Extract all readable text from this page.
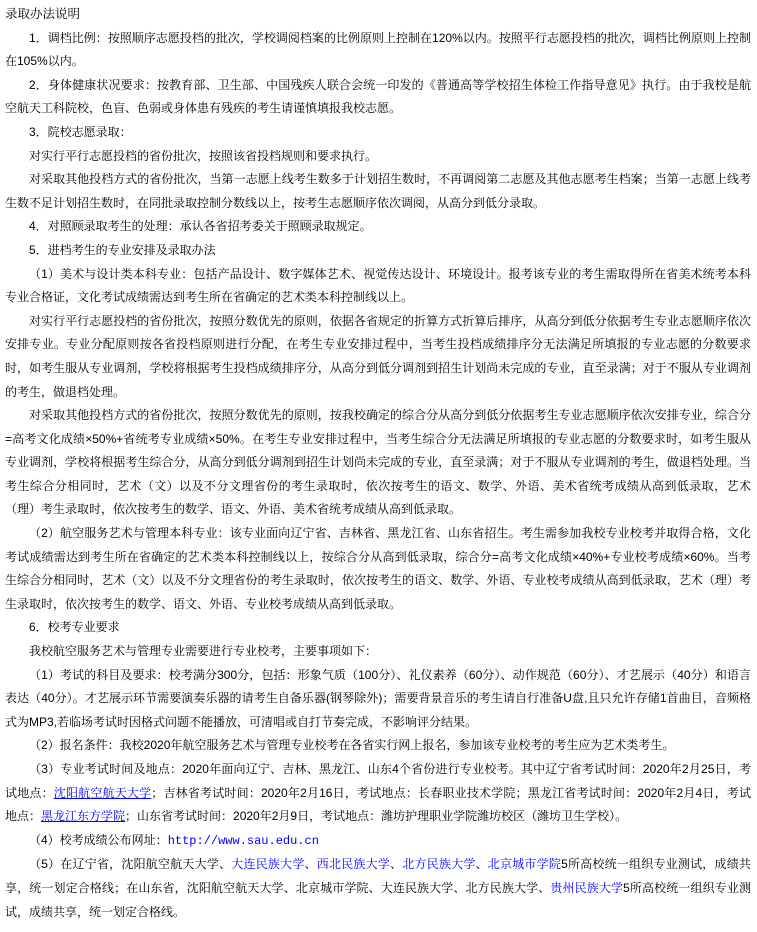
录取办法说明

1．调档比例：按照顺序志愿投档的批次，学校调阅档案的比例原则上控制在120%以内。按照平行志愿投档的批次，调档比例原则上控制在105%以内。

2．身体健康状况要求：按教育部、卫生部、中国残疾人联合会统一印发的《普通高等学校招生体检工作指导意见》执行。由于我校是航空航天工科院校，色盲、色弱或身体患有残疾的考生请谨慎填报我校志愿。

3．院校志愿录取：

对实行平行志愿投档的省份批次，按照该省投档规则和要求执行。

对采取其他投档方式的省份批次，当第一志愿上线考生数多于计划招生数时，不再调阅第二志愿及其他志愿考生档案；当第一志愿上线考生数不足计划招生数时，在同批录取控制分数线以上，按考生志愿顺序依次调阅，从高分到低分录取。

4．对照顾录取考生的处理：承认各省招考委关于照顾录取规定。

5．进档考生的专业安排及录取办法

（1）美术与设计类本科专业：包括产品设计、数字媒体艺术、视觉传达设计、环境设计。报考该专业的考生需取得所在省美术统考本科专业合格证，文化考试成绩需达到考生所在省确定的艺术类本科控制线以上。

对实行平行志愿投档的省份批次，按照分数优先的原则，依据各省规定的折算方式折算后排序，从高分到低分依据考生专业志愿顺序依次安排专业。专业分配原则按各省投档原则进行分配，在考生专业安排过程中，当考生投档成绩排序分无法满足所填报的专业志愿的分数要求时，如考生服从专业调剂，学校将根据考生投档成绩排序分，从高分到低分调剂到招生计划尚未完成的专业，直至录满；对于不服从专业调剂的考生，做退档处理。

对采取其他投档方式的省份批次，按照分数优先的原则，按我校确定的综合分从高分到低分依据考生专业志愿顺序依次安排专业，综合分=高考文化成绩×50%+省统考专业成绩×50%。在考生专业安排过程中，当考生综合分无法满足所填报的专业志愿的分数要求时，如考生服从专业调剂，学校将根据考生综合分，从高分到低分调剂到招生计划尚未完成的专业，直至录满；对于不服从专业调剂的考生，做退档处理。当考生综合分相同时，艺术（文）以及不分文理省份的考生录取时，依次按考生的语文、数学、外语、美术省统考成绩从高到低录取，艺术（理）考生录取时，依次按考生的数学、语文、外语、美术省统考成绩从高到低录取。

（2）航空服务艺术与管理本科专业：该专业面向辽宁省、吉林省、黑龙江省、山东省招生。考生需参加我校专业校考并取得合格，文化考试成绩需达到考生所在省确定的艺术类本科控制线以上，按综合分从高到低录取，综合分=高考文化成绩×40%+专业校考成绩×60%。当考生综合分相同时，艺术（文）以及不分文理省份的考生录取时，依次按考生的语文、数学、外语、专业校考成绩从高到低录取，艺术（理）考生录取时，依次按考生的数学、语文、外语、专业校考成绩从高到低录取。

6．校考专业要求

我校航空服务艺术与管理专业需要进行专业校考，主要事项如下：

（1）考试的科目及要求：校考满分300分，包括：形象气质（100分）、礼仪素养（60分）、动作规范（60分）、才艺展示（40分）和语言表达（40分）。才艺展示环节需要演奏乐器的请考生自备乐器(钢琴除外)；需要背景音乐的考生请自行准备U盘,且只允许存储1首曲目，音频格式为MP3,若临场考试时因格式问题不能播放，可清唱或自打节奏完成，不影响评分结果。

（2）报名条件：我校2020年航空服务艺术与管理专业校考在各省实行网上报名，参加该专业校考的考生应为艺术类考生。

（3）专业考试时间及地点：2020年面向辽宁、吉林、黑龙江、山东4个省份进行专业校考。其中辽宁省考试时间：2020年2月25日，考试地点：沈阳航空航天大学；吉林省考试时间：2020年2月16日，考试地点：长春职业技术学院；黑龙江省考试时间：2020年2月4日，考试地点：黑龙江东方学院；山东省考试时间：2020年2月9日，考试地点：潍坊护理职业学院潍坊校区（潍坊卫生学校）。

（4）校考成绩公布网址：http://www.sau.edu.cn

（5）在辽宁省，沈阳航空航天大学、大连民族大学、西北民族大学、北方民族大学、北京城市学院5所高校统一组织专业测试，成绩共享，统一划定合格线；在山东省，沈阳航空航天大学、北京城市学院、大连民族大学、北方民族大学、贵州民族大学5所高校统一组织专业测试，成绩共享，统一划定合格线。
